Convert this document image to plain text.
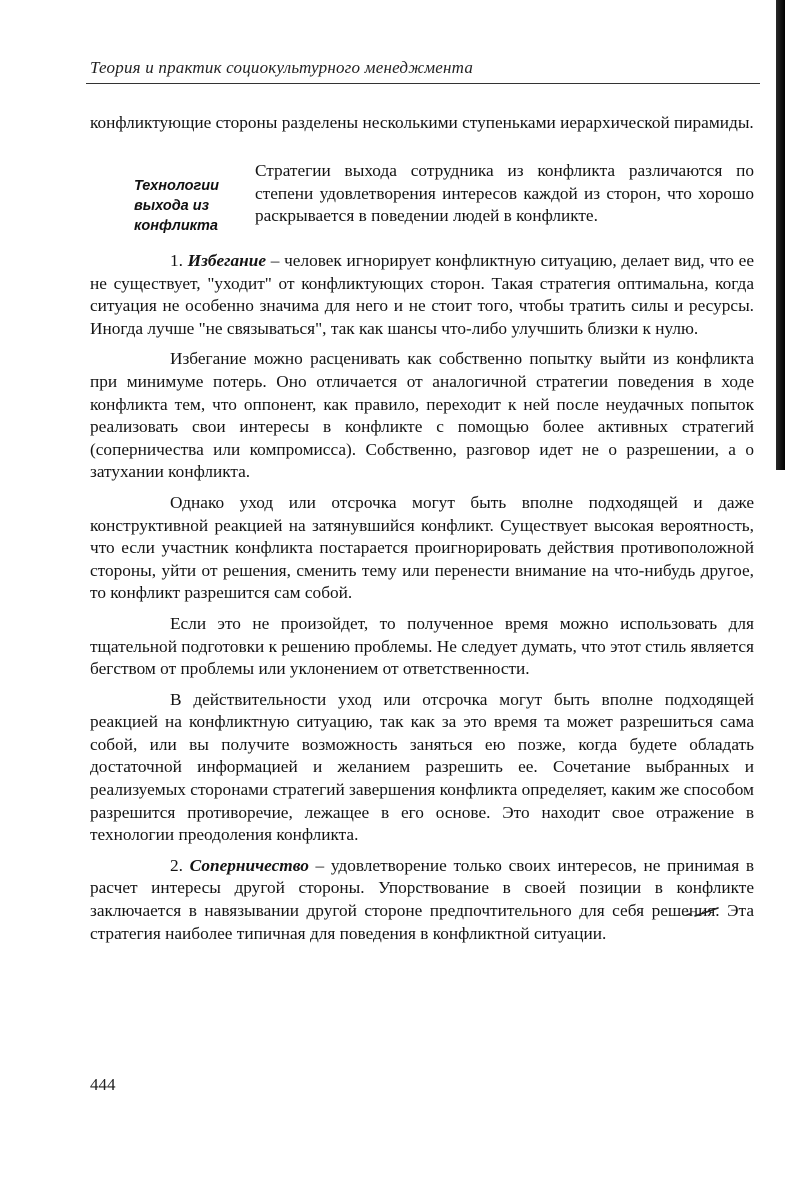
Теория и практик социокультурного менеджмента

конфликтующие стороны разделены несколькими ступеньками иерархической пирамиды.

Технологии
выхода из
конфликта

Стратегии выхода сотрудника из конфликта различаются по степени удовлетворения интересов каждой из сторон, что хорошо раскрывается в поведении людей в конфликте.

1. Избегание – человек игнорирует конфликтную ситуацию, делает вид, что ее не существует, "уходит" от конфликтующих сторон. Такая стратегия оптимальна, когда ситуация не особенно значима для него и не стоит того, чтобы тратить силы и ресурсы. Иногда лучше "не связываться", так как шансы что-либо улучшить близки к нулю.

Избегание можно расценивать как собственно попытку выйти из конфликта при минимуме потерь. Оно отличается от аналогичной стратегии поведения в ходе конфликта тем, что оппонент, как правило, переходит к ней после неудачных попыток реализовать свои интересы в конфликте с помощью более активных стратегий (соперничества или компромисса). Собственно, разговор идет не о разрешении, а о затухании конфликта.

Однако уход или отсрочка могут быть вполне подходящей и даже конструктивной реакцией на затянувшийся конфликт. Существует высокая вероятность, что если участник конфликта постарается проигнорировать действия противоположной стороны, уйти от решения, сменить тему или перенести внимание на что-нибудь другое, то конфликт разрешится сам собой.

Если это не произойдет, то полученное время можно использовать для тщательной подготовки к решению проблемы. Не следует думать, что этот стиль является бегством от проблемы или уклонением от ответственности.

В действительности уход или отсрочка могут быть вполне подходящей реакцией на конфликтную ситуацию, так как за это время та может разрешиться сама собой, или вы получите возможность заняться ею позже, когда будете обладать достаточной информацией и желанием разрешить ее. Сочетание выбранных и реализуемых сторонами стратегий завершения конфликта определяет, каким же способом разрешится противоречие, лежащее в его основе. Это находит свое отражение в технологии преодоления конфликта.

2. Соперничество – удовлетворение только своих интересов, не принимая в расчет интересы другой стороны. Упорствование в своей позиции в конфликте заключается в навязывании другой стороне предпочтительного для себя решения. Эта стратегия наиболее типичная для поведения в конфликтной ситуации.

444
